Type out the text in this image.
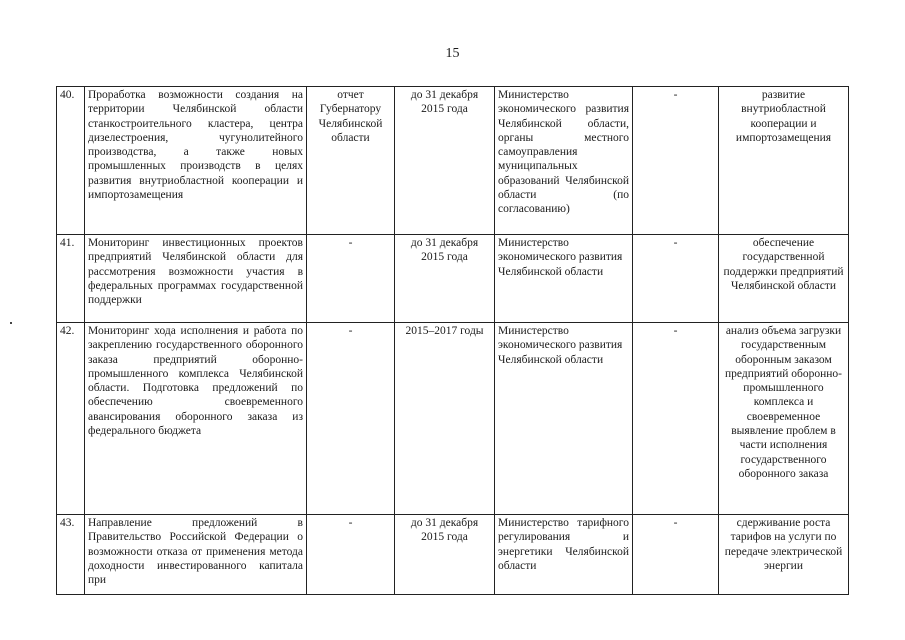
15
40.	Проработка возможности создания на территории Челябинской области станкостроительного кластера, центра дизелестроения, чугунолитейного производства, а также новых промышленных производств в целях развития внутриобластной кооперации и импортозамещения	отчет Губернатору Челябинской области	до 31 декабря 2015 года	Министерство экономического развития Челябинской области, органы местного самоуправления муниципальных образований Челябинской области (по согласованию)	-	развитие внутриобластной кооперации и импортозамещения
41.	Мониторинг инвестиционных проектов предприятий Челябинской области для рассмотрения возможности участия в федеральных программах государственной поддержки	-	до 31 декабря 2015 года	Министерство экономического развития Челябинской области	-	обеспечение государственной поддержки предприятий Челябинской области
42.	Мониторинг хода исполнения и работа по закреплению государственного оборонного заказа предприятий оборонно-промышленного комплекса Челябинской области. Подготовка предложений по обеспечению своевременного авансирования оборонного заказа из федерального бюджета	-	2015–2017 годы	Министерство экономического развития Челябинской области	-	анализ объема загрузки государственным оборонным заказом предприятий оборонно-промышленного комплекса и своевременное выявление проблем в части исполнения государственного оборонного заказа
43.	Направление предложений в Правительство Российской Федерации о возможности отказа от применения метода доходности инвестированного капитала при	-	до 31 декабря 2015 года	Министерство тарифного регулирования и энергетики Челябинской области	-	сдерживание роста тарифов на услуги по передаче электрической энергии
